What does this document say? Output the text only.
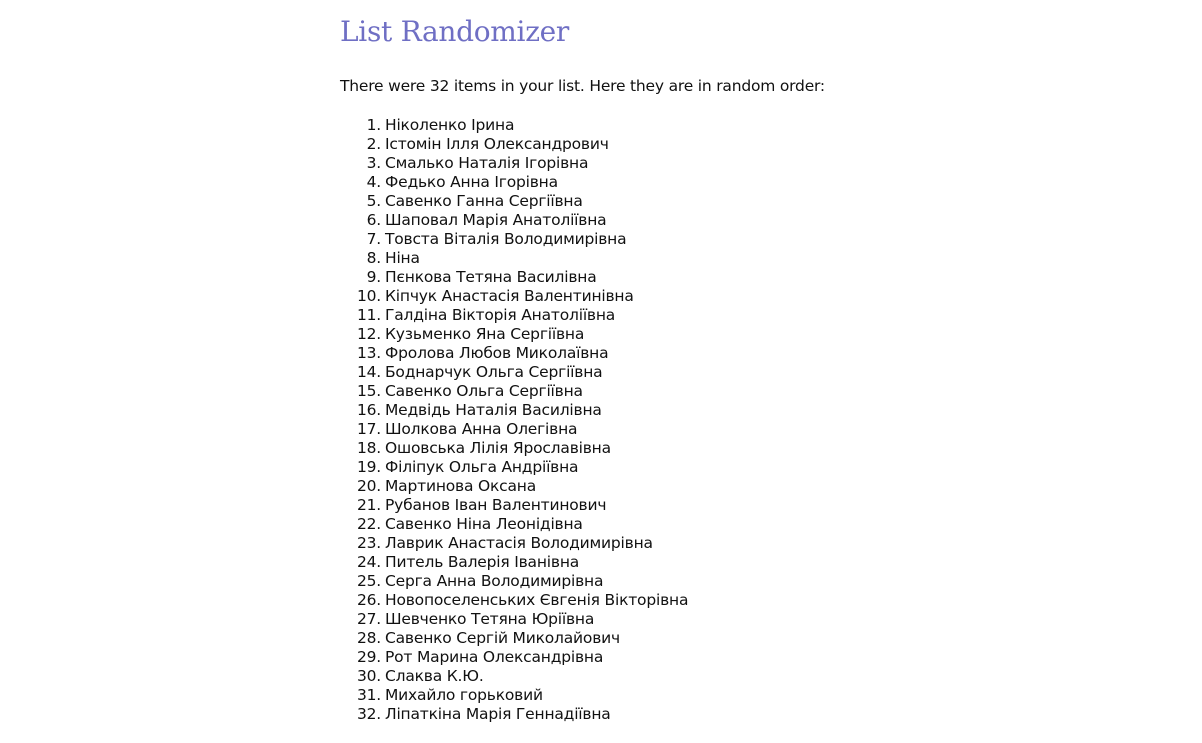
List Randomizer

There were 32 items in your list. Here they are in random order:

1. Ніколенко Ірина
2. Істомін Ілля Олександрович
3. Смалько Наталія Ігорівна
4. Федько Анна Ігорівна
5. Савенко Ганна Сергіївна
6. Шаповал Марія Анатоліївна
7. Товста Віталія Володимирівна
8. Ніна
9. Пєнкова Тетяна Василівна
10. Кіпчук Анастасія Валентинівна
11. Галдіна Вікторія Анатоліївна
12. Кузьменко Яна Сергіївна
13. Фролова Любов Миколаївна
14. Боднарчук Ольга Сергіївна
15. Савенко Ольга Сергіївна
16. Медвідь Наталія Василівна
17. Шолкова Анна Олегівна
18. Ошовська Лілія Ярославівна
19. Філіпук Ольга Андріївна
20. Мартинова Оксана
21. Рубанов Іван Валентинович
22. Савенко Ніна Леонідівна
23. Лаврик Анастасія Володимирівна
24. Питель Валерія Іванівна
25. Серга Анна Володимирівна
26. Новопоселенських Євгенія Вікторівна
27. Шевченко Тетяна Юріївна
28. Савенко Сергій Миколайович
29. Рот Марина Олександрівна
30. Слаква К.Ю.
31. Михайло горьковий
32. Ліпаткіна Марія Геннадіївна
